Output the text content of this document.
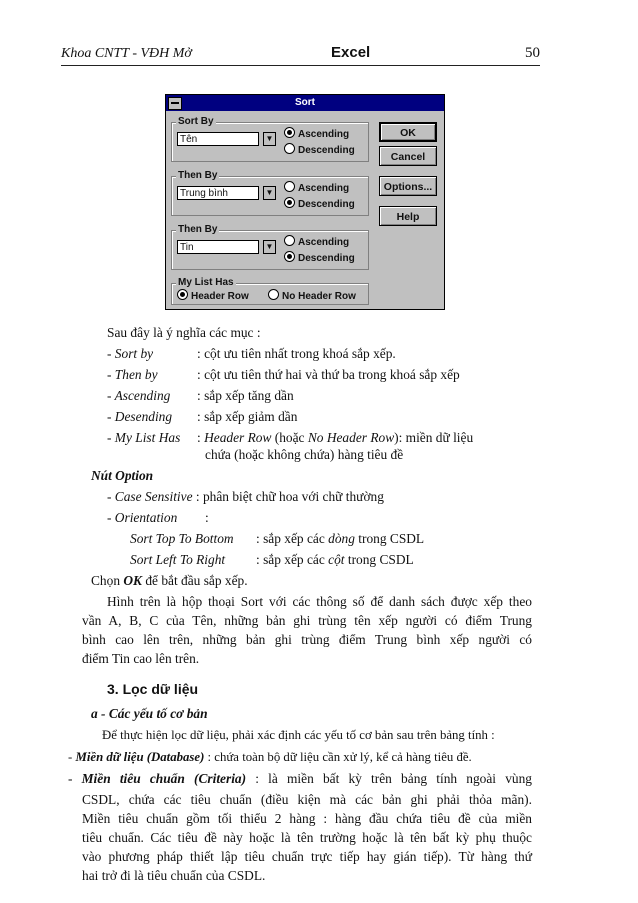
Khoa CNTT - VĐH Mở	Excel	50
Sort
Sort By
Tên	▼	Ascending
Descending
Then By
Trung bình	▼	Ascending
Descending
Then By
Tin	▼	Ascending
Descending
My List Has
Header Row	No Header Row
OK
Cancel
Options...
Help
Sau đây là ý nghĩa các mục :
- Sort by	: cột ưu tiên nhất trong khoá sắp xếp.
- Then by	: cột ưu tiên thứ hai và thứ ba trong khoá sắp xếp
- Ascending : sắp xếp tăng dần
- Desending : sắp xếp giảm dần
- My List Has : Header Row (hoặc No Header Row): miền dữ liệu
chứa (hoặc không chứa) hàng tiêu đề
Nút Option
- Case Sensitive : phân biệt chữ hoa với chữ thường
- Orientation :
Sort Top To Bottom : sắp xếp các dòng trong CSDL
Sort Left To Right : sắp xếp các cột trong CSDL
Chọn OK để bắt đầu sắp xếp.
Hình trên là hộp thoại Sort với các thông số để danh sách được xếp theo
vần A, B, C của Tên, những bản ghi trùng tên xếp người có điểm Trung
bình cao lên trên, những bản ghi trùng điểm Trung bình xếp người có
điểm Tin cao lên trên.
3. Lọc dữ liệu
a - Các yếu tố cơ bản
Để thực hiện lọc dữ liệu, phải xác định các yếu tố cơ bản sau trên bảng tính :
- Miền dữ liệu (Database) : chứa toàn bộ dữ liệu cần xử lý, kể cả hàng tiêu đề.
- Miền tiêu chuẩn (Criteria) : là miền bất kỳ trên bảng tính ngoài vùng
CSDL, chứa các tiêu chuẩn (điều kiện mà các bản ghi phải thỏa mãn).
Miền tiêu chuẩn gồm tối thiểu 2 hàng : hàng đầu chứa tiêu đề của miền
tiêu chuẩn. Các tiêu đề này hoặc là tên trường hoặc là tên bất kỳ phụ thuộc
vào phương pháp thiết lập tiêu chuẩn trực tiếp hay gián tiếp). Từ hàng thứ
hai trở đi là tiêu chuẩn của CSDL.
